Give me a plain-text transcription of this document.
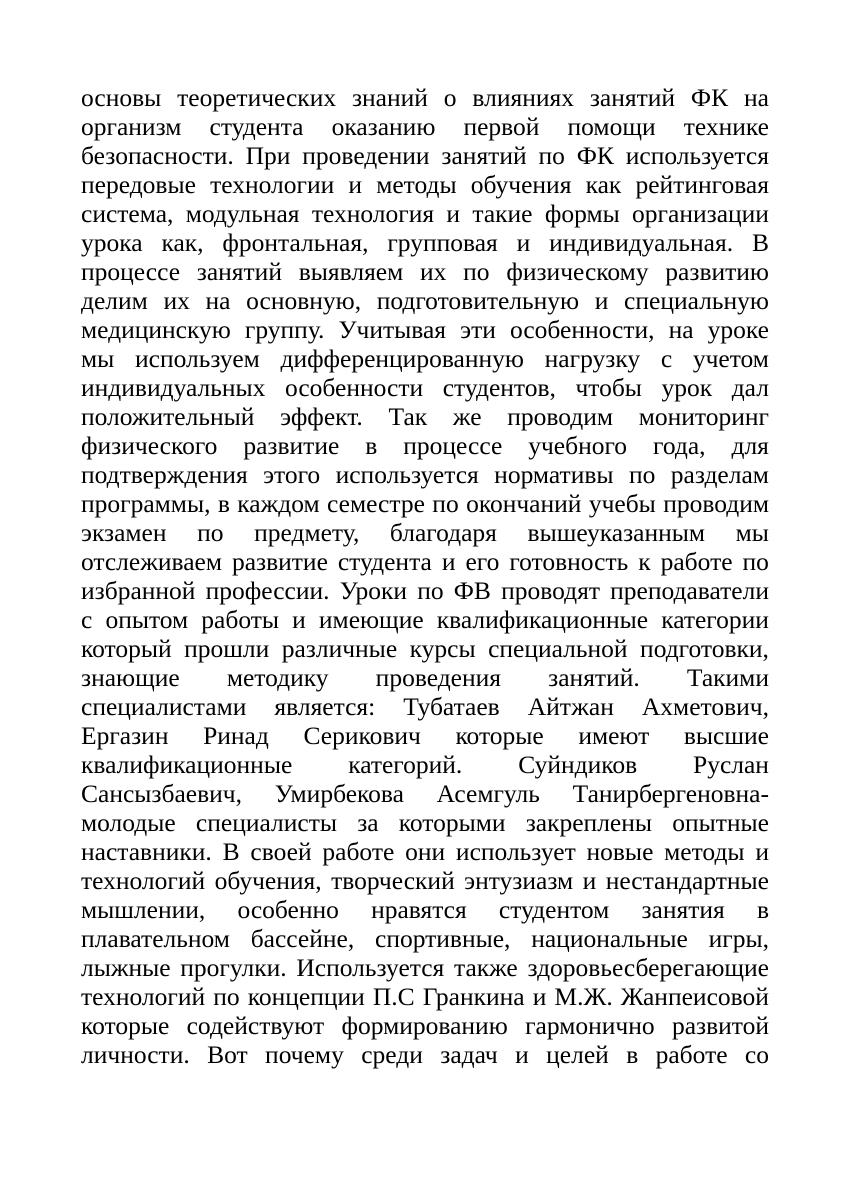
основы теоретических знаний о влияниях занятий ФК на
организм студента оказанию первой помощи технике
безопасности. При проведении занятий по ФК используется
передовые технологии и методы обучения как рейтинговая
система, модульная технология и такие формы организации
урока как, фронтальная, групповая и индивидуальная. В
процессе занятий выявляем их по физическому развитию
делим их на основную, подготовительную и специальную
медицинскую группу. Учитывая эти особенности, на уроке
мы используем дифференцированную нагрузку с учетом
индивидуальных особенности студентов, чтобы урок дал
положительный эффект. Так же проводим мониторинг
физического развитие в процессе учебного года, для
подтверждения этого используется нормативы по разделам
программы, в каждом семестре по окончаний учебы проводим
экзамен по предмету, благодаря вышеуказанным мы
отслеживаем развитие студента и его готовность к работе по
избранной профессии. Уроки по ФВ проводят преподаватели
с опытом работы и имеющие квалификационные категории
который прошли различные курсы специальной подготовки,
знающие методику проведения занятий. Такими
специалистами является: Тубатаев Айтжан Ахметович,
Ергазин Ринад Серикович которые имеют высшие
квалификационные категорий. Суйндиков Руслан
Сансызбаевич, Умирбекова Асемгуль Танирбергеновна-
молодые специалисты за которыми закреплены опытные
наставники. В своей работе они использует новые методы и
технологий обучения, творческий энтузиазм и нестандартные
мышлении, особенно нравятся студентом занятия в
плавательном бассейне, спортивные, национальные игры,
лыжные прогулки. Используется также здоровьесберегающие
технологий по концепции П.С Гранкина и М.Ж. Жанпеисовой
которые содействуют формированию гармонично развитой
личности. Вот почему среди задач и целей в работе со
